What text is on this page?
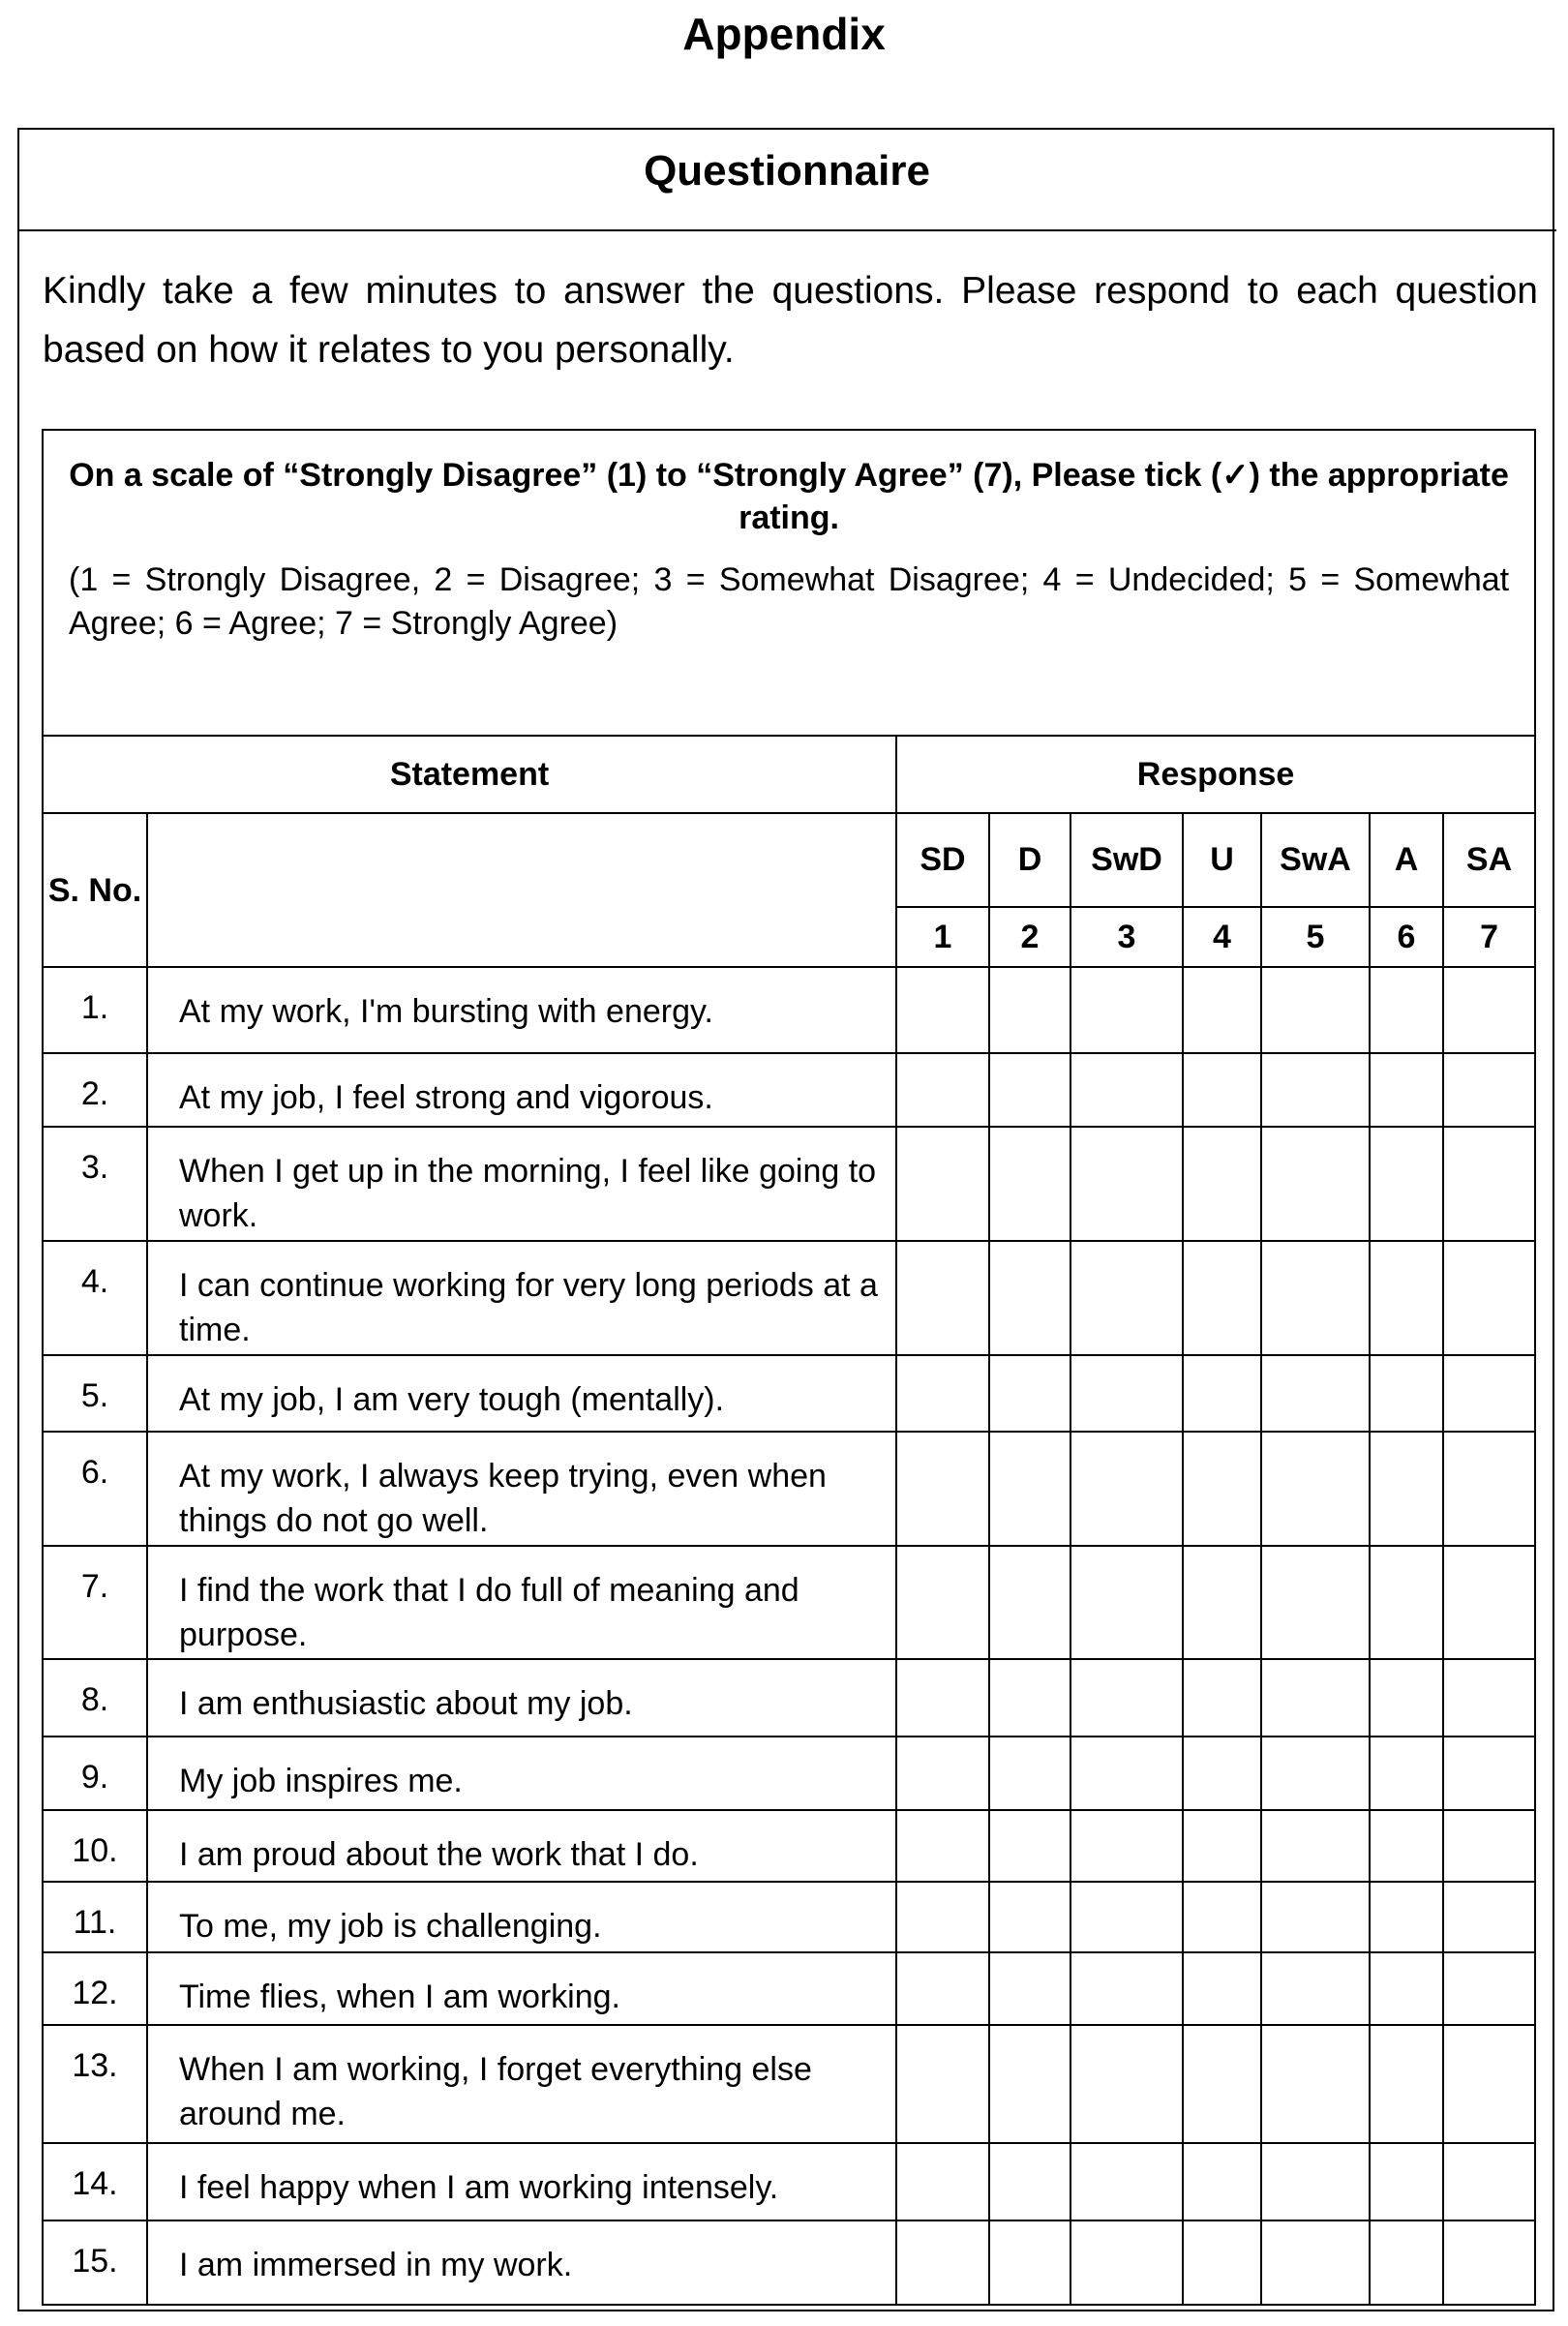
Appendix
Questionnaire
Kindly take a few minutes to answer the questions. Please respond to each question based on how it relates to you personally.
On a scale of “Strongly Disagree” (1) to “Strongly Agree” (7), Please tick (✓) the appropriate rating.
(1 = Strongly Disagree, 2 = Disagree; 3 = Somewhat Disagree; 4 = Undecided; 5 = Somewhat Agree; 6 = Agree; 7 = Strongly Agree)								

Statement		Response						
S. No.		SD	D	SwD	U	SwA	A	SA
		1	2	3	4	5	6	7
1.	At my work, I'm bursting with energy.							
2.	At my job, I feel strong and vigorous.							
3.	When I get up in the morning, I feel like going to work.							
4.	I can continue working for very long periods at a time.							
5.	At my job, I am very tough (mentally).							
6.	At my work, I always keep trying, even when things do not go well.							
7.	I find the work that I do full of meaning and purpose.							
8.	I am enthusiastic about my job.							
9.	My job inspires me.							
10.	I am proud about the work that I do.							
11.	To me, my job is challenging.							
12.	Time flies, when I am working.							
13.	When I am working, I forget everything else around me.							
14.	I feel happy when I am working intensely.							
15.	I am immersed in my work.							
